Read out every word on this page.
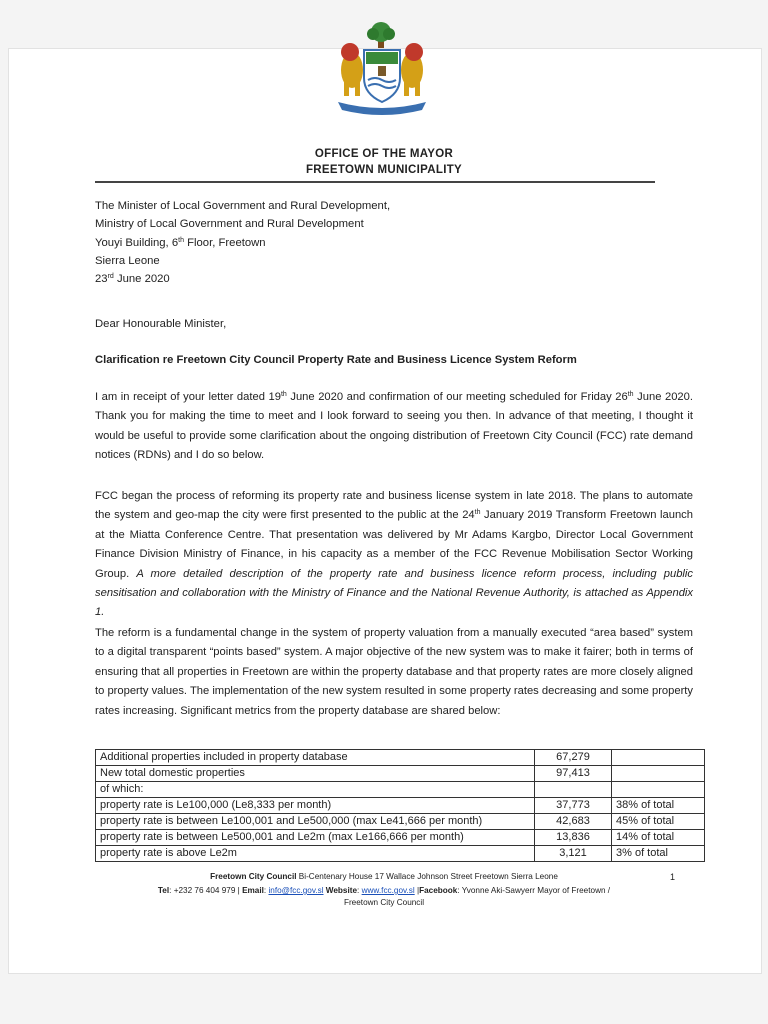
OFFICE OF THE MAYOR
FREETOWN MUNICIPALITY
The Minister of Local Government and Rural Development,
Ministry of Local Government and Rural Development
Youyi Building, 6th Floor, Freetown
Sierra Leone
23rd June 2020
Dear Honourable Minister,
Clarification re Freetown City Council Property Rate and Business Licence System Reform
I am in receipt of your letter dated 19th June 2020 and confirmation of our meeting scheduled for Friday 26th June 2020. Thank you for making the time to meet and I look forward to seeing you then. In advance of that meeting, I thought it would be useful to provide some clarification about the ongoing distribution of Freetown City Council (FCC) rate demand notices (RDNs) and I do so below.
FCC began the process of reforming its property rate and business license system in late 2018. The plans to automate the system and geo-map the city were first presented to the public at the 24th January 2019 Transform Freetown launch at the Miatta Conference Centre. That presentation was delivered by Mr Adams Kargbo, Director Local Government Finance Division Ministry of Finance, in his capacity as a member of the FCC Revenue Mobilisation Sector Working Group. A more detailed description of the property rate and business licence reform process, including public sensitisation and collaboration with the Ministry of Finance and the National Revenue Authority, is attached as Appendix 1.
The reform is a fundamental change in the system of property valuation from a manually executed “area based” system to a digital transparent “points based” system. A major objective of the new system was to make it fairer; both in terms of ensuring that all properties in Freetown are within the property database and that property rates are more closely aligned to property values. The implementation of the new system resulted in some property rates decreasing and some property rates increasing. Significant metrics from the property database are shared below:
Additional properties included in property database	67,279	
New total domestic properties	97,413	
of which:		
property rate is Le100,000 (Le8,333 per month)	37,773	38% of total
property rate is between Le100,001 and Le500,000 (max Le41,666 per month)	42,683	45% of total
property rate is between Le500,001 and Le2m (max Le166,666 per month)	13,836	14% of total
property rate is above Le2m	3,121	3% of total
Freetown City Council Bi-Centenary House 17 Wallace Johnson Street Freetown Sierra Leone	1
Tel: +232 76 404 979 | Email: info@fcc.gov.sl Website: www.fcc.gov.sl |Facebook: Yvonne Aki-Sawyerr Mayor of Freetown /
Freetown City Council
